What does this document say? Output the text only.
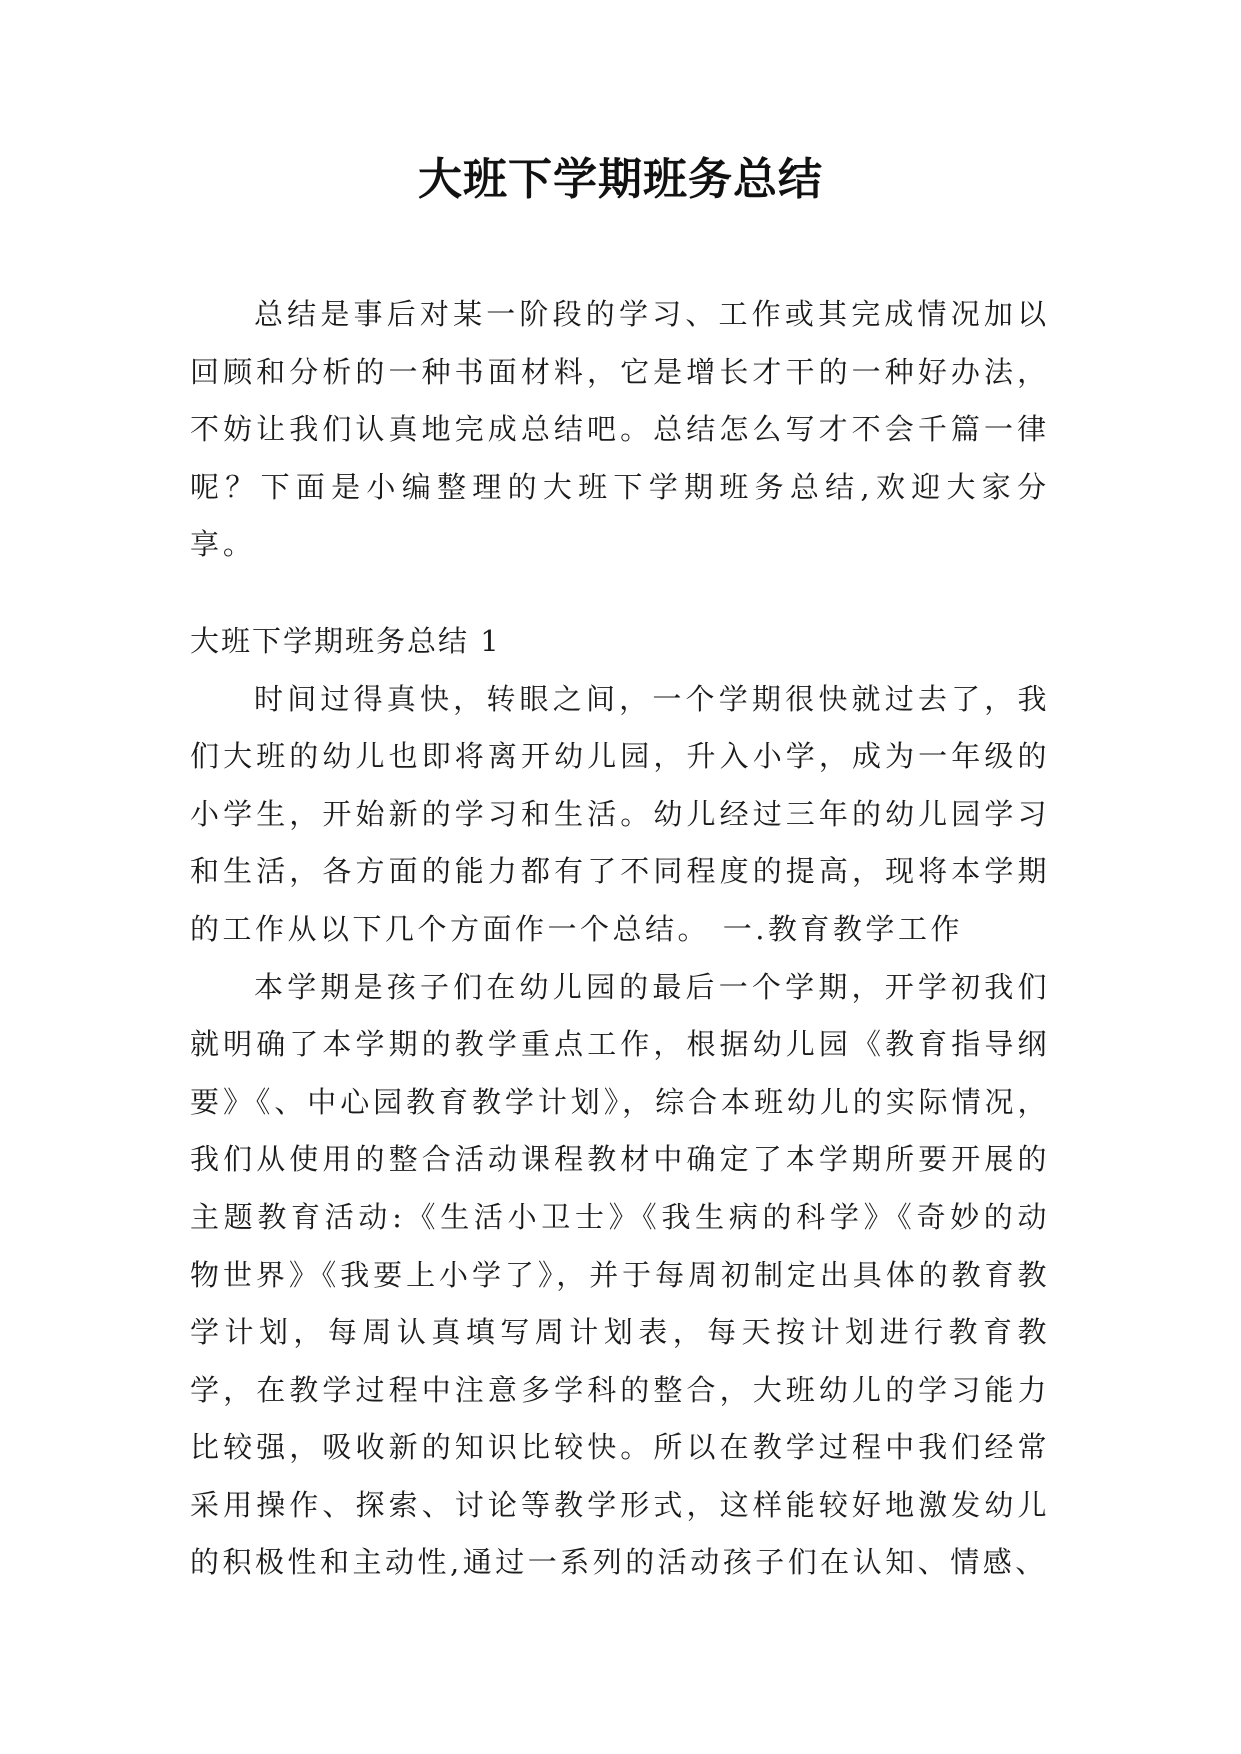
大班下学期班务总结

总结是事后对某一阶段的学习、工作或其完成情况加以回顾和分析的一种书面材料，它是增长才干的一种好办法，不妨让我们认真地完成总结吧。总结怎么写才不会千篇一律呢？下面是小编整理的大班下学期班务总结,欢迎大家分享。

大班下学期班务总结 1

时间过得真快，转眼之间，一个学期很快就过去了，我们大班的幼儿也即将离开幼儿园，升入小学，成为一年级的小学生，开始新的学习和生活。幼儿经过三年的幼儿园学习和生活，各方面的能力都有了不同程度的提高，现将本学期的工作从以下几个方面作一个总结。 一.教育教学工作

本学期是孩子们在幼儿园的最后一个学期，开学初我们就明确了本学期的教学重点工作，根据幼儿园《教育指导纲要》《、中心园教育教学计划》，综合本班幼儿的实际情况，我们从使用的整合活动课程教材中确定了本学期所要开展的主题教育活动:《生活小卫士》《我生病的科学》《奇妙的动物世界》《我要上小学了》，并于每周初制定出具体的教育教学计划，每周认真填写周计划表，每天按计划进行教育教学，在教学过程中注意多学科的整合，大班幼儿的学习能力比较强，吸收新的知识比较快。所以在教学过程中我们经常采用操作、探索、讨论等教学形式，这样能较好地激发幼儿的积极性和主动性,通过一系列的活动孩子们在认知、情感、
